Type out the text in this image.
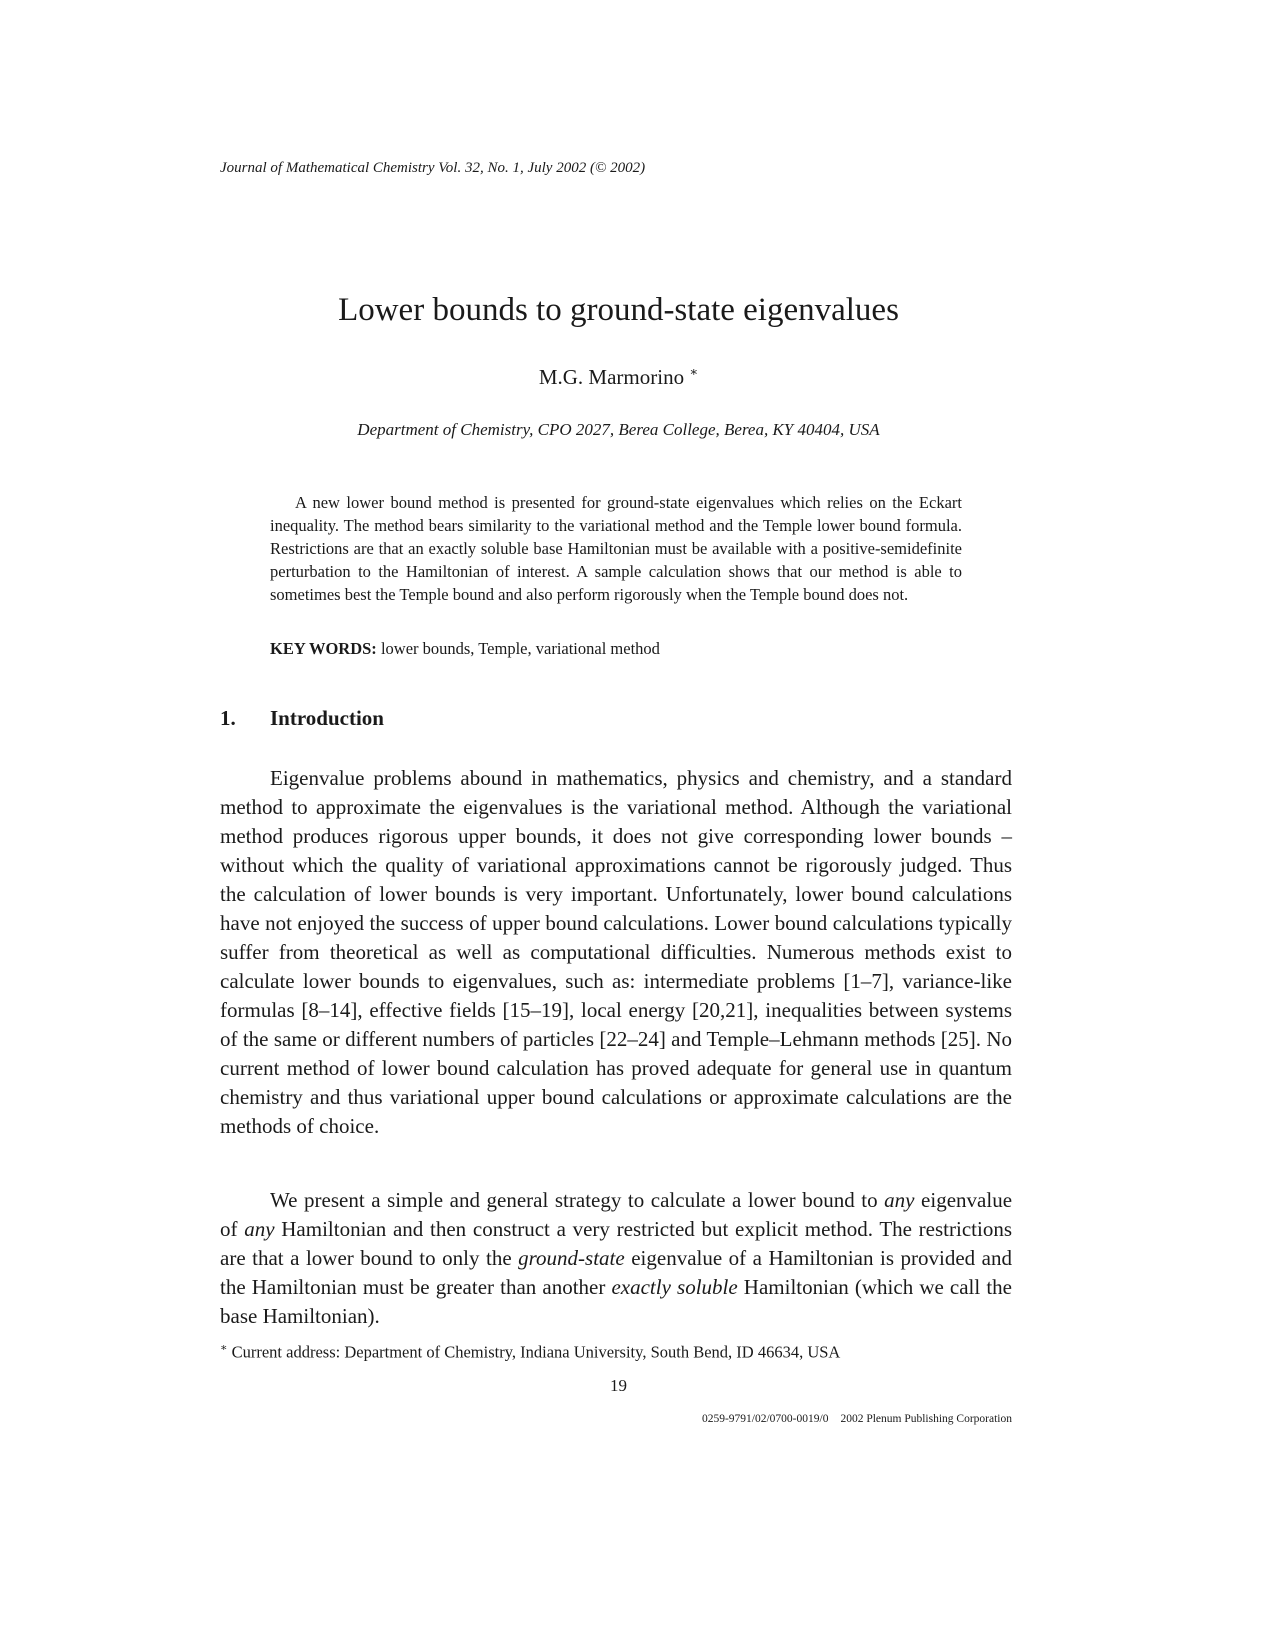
Journal of Mathematical Chemistry Vol. 32, No. 1, July 2002 (© 2002)
Lower bounds to ground-state eigenvalues
M.G. Marmorino ∗
Department of Chemistry, CPO 2027, Berea College, Berea, KY 40404, USA

A new lower bound method is presented for ground-state eigenvalues which relies on the Eckart inequality. The method bears similarity to the variational method and the Temple lower bound formula. Restrictions are that an exactly soluble base Hamiltonian must be available with a positive-semidefinite perturbation to the Hamiltonian of interest. A sample calculation shows that our method is able to sometimes best the Temple bound and also perform rigorously when the Temple bound does not.

KEY WORDS: lower bounds, Temple, variational method
1. Introduction

Eigenvalue problems abound in mathematics, physics and chemistry, and a standard method to approximate the eigenvalues is the variational method. Although the variational method produces rigorous upper bounds, it does not give corresponding lower bounds – without which the quality of variational approximations cannot be rigorously judged. Thus the calculation of lower bounds is very important. Unfortunately, lower bound calculations have not enjoyed the success of upper bound calculations. Lower bound calculations typically suffer from theoretical as well as computational difficulties. Numerous methods exist to calculate lower bounds to eigenvalues, such as: intermediate problems [1–7], variance-like formulas [8–14], effective fields [15–19], local energy [20,21], inequalities between systems of the same or different numbers of particles [22–24] and Temple–Lehmann methods [25]. No current method of lower bound calculation has proved adequate for general use in quantum chemistry and thus variational upper bound calculations or approximate calculations are the methods of choice.

We present a simple and general strategy to calculate a lower bound to any eigenvalue of any Hamiltonian and then construct a very restricted but explicit method. The restrictions are that a lower bound to only the ground-state eigenvalue of a Hamiltonian is provided and the Hamiltonian must be greater than another exactly soluble Hamiltonian (which we call the base Hamiltonian).

∗ Current address: Department of Chemistry, Indiana University, South Bend, ID 46634, USA
19
0259-9791/02/0700-0019/0 2002 Plenum Publishing Corporation
